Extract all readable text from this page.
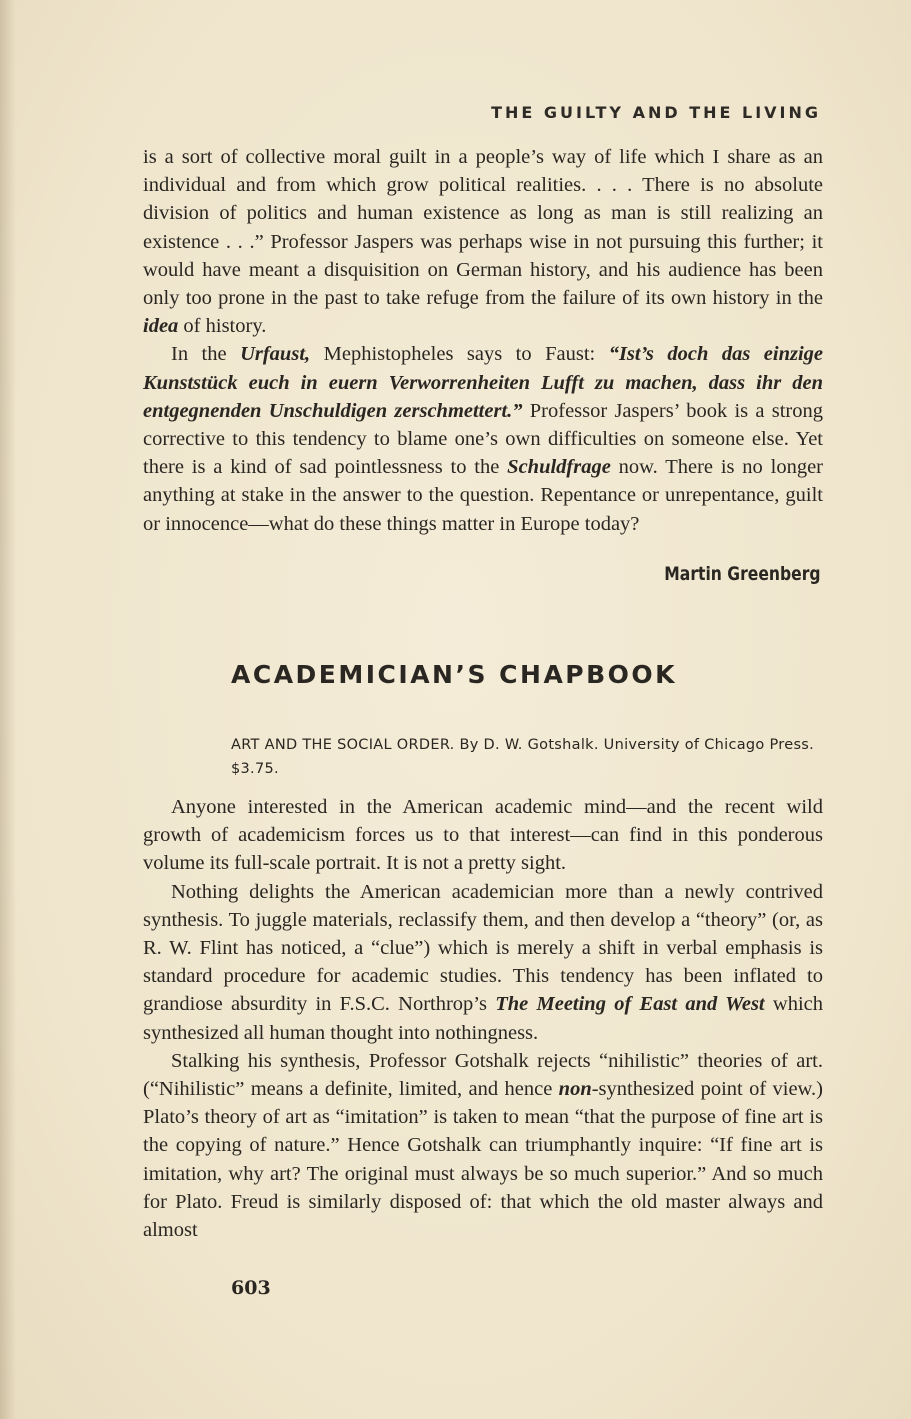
THE GUILTY AND THE LIVING

is a sort of collective moral guilt in a people’s way of life which I share as an individual and from which grow political realities. . . . There is no absolute division of politics and human existence as long as man is still realizing an existence . . .” Professor Jaspers was perhaps wise in not pursuing this further; it would have meant a disquisition on German history, and his audience has been only too prone in the past to take refuge from the failure of its own history in the idea of history.

In the Urfaust, Mephistopheles says to Faust: “Ist’s doch das einzige Kunststück euch in euern Verworrenheiten Lufft zu machen, dass ihr den entgegnenden Unschuldigen zerschmettert.” Professor Jaspers’ book is a strong corrective to this tendency to blame one’s own difficulties on someone else. Yet there is a kind of sad pointlessness to the Schuldfrage now. There is no longer anything at stake in the answer to the question. Repentance or unrepentance, guilt or innocence—what do these things matter in Europe today?

Martin Greenberg
ACADEMICIAN’S CHAPBOOK
ART AND THE SOCIAL ORDER. By D. W. Gotshalk. University of Chicago Press. $3.75.

Anyone interested in the American academic mind—and the recent wild growth of academicism forces us to that interest—can find in this ponderous volume its full-scale portrait. It is not a pretty sight.

Nothing delights the American academician more than a newly contrived synthesis. To juggle materials, reclassify them, and then develop a “theory” (or, as R. W. Flint has noticed, a “clue”) which is merely a shift in verbal emphasis is standard procedure for academic studies. This tendency has been inflated to grandiose absurdity in F.S.C. Northrop’s The Meeting of East and West which synthesized all human thought into nothingness.

Stalking his synthesis, Professor Gotshalk rejects “nihilistic” theories of art. (“Nihilistic” means a definite, limited, and hence non-synthesized point of view.) Plato’s theory of art as “imitation” is taken to mean “that the purpose of fine art is the copying of nature.” Hence Gotshalk can triumphantly inquire: “If fine art is imitation, why art? The original must always be so much superior.” And so much for Plato. Freud is similarly disposed of: that which the old master always and almost

603
